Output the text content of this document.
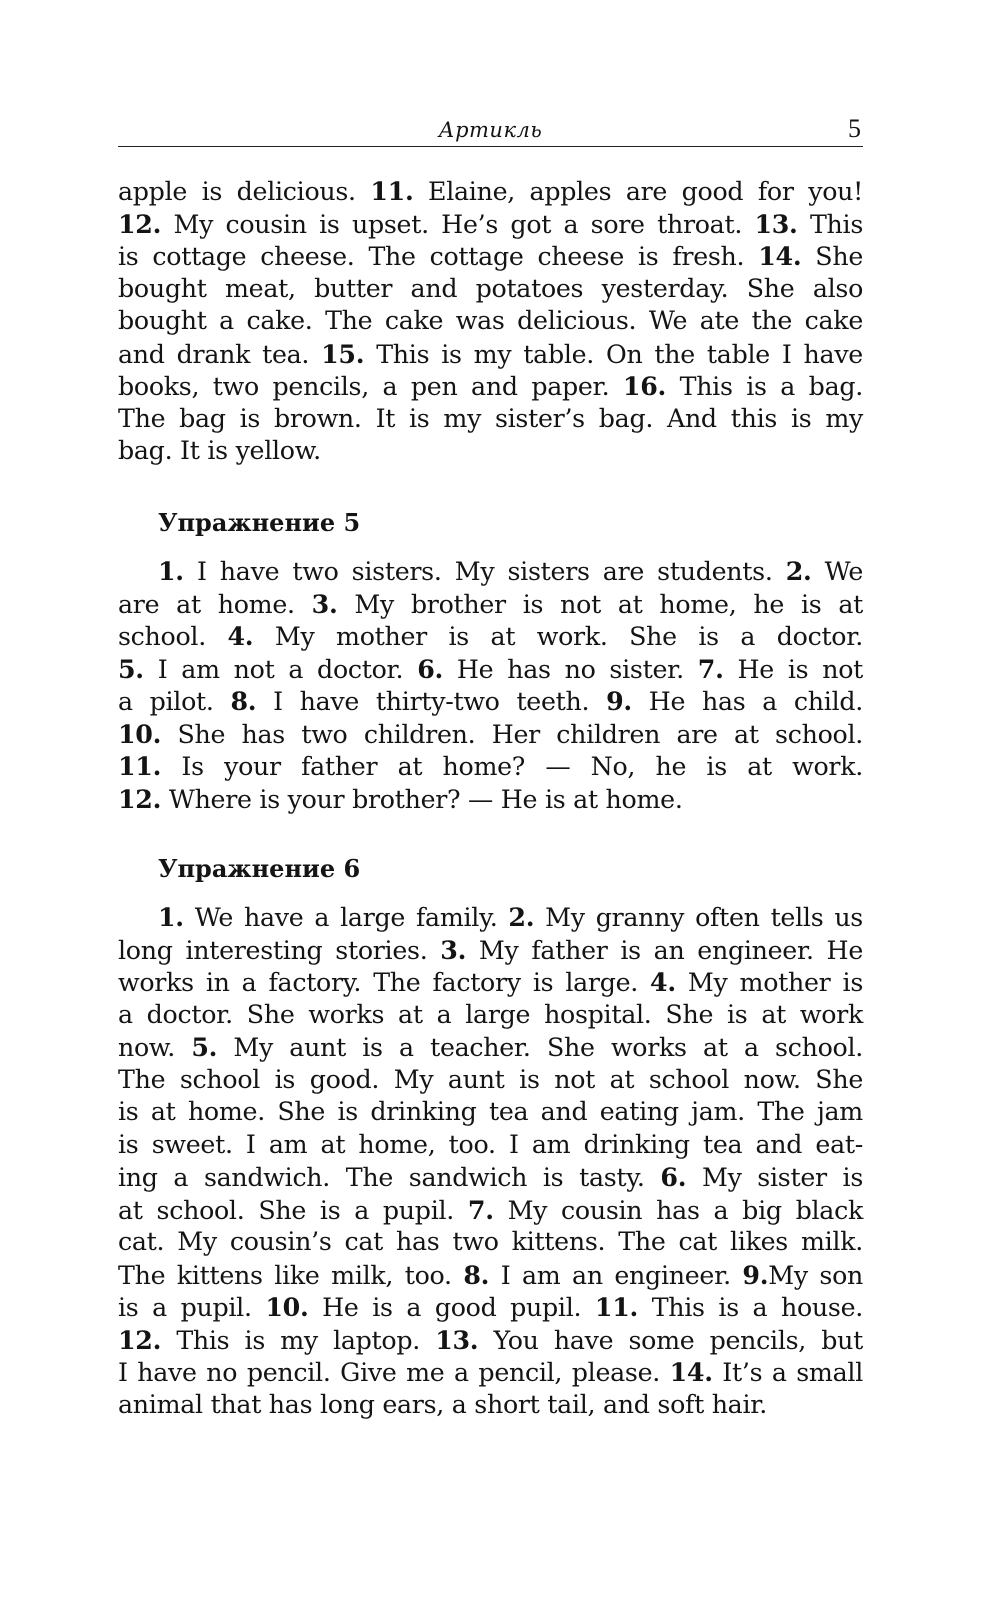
Артикль	5
apple is delicious. 11. Elaine, apples are good for you!
12. My cousin is upset. He’s got a sore throat. 13. This
is cottage cheese. The cottage cheese is fresh. 14. She
bought meat, butter and potatoes yesterday. She also
bought a cake. The cake was delicious. We ate the cake
and drank tea. 15. This is my table. On the table I have
books, two pencils, a pen and paper. 16. This is a bag.
The bag is brown. It is my sister’s bag. And this is my
bag. It is yellow.
Упражнение 5
1. I have two sisters. My sisters are students. 2. We
are at home. 3. My brother is not at home, he is at
school. 4. My mother is at work. She is a doctor.
5. I am not a doctor. 6. He has no sister. 7. He is not
a pilot. 8. I have thirty-two teeth. 9. He has a child.
10. She has two children. Her children are at school.
11. Is your father at home? — No, he is at work.
12. Where is your brother? — He is at home.
Упражнение 6
1. We have a large family. 2. My granny often tells us
long interesting stories. 3. My father is an engineer. He
works in a factory. The factory is large. 4. My mother is
a doctor. She works at a large hospital. She is at work
now. 5. My aunt is a teacher. She works at a school.
The school is good. My aunt is not at school now. She
is at home. She is drinking tea and eating jam. The jam
is sweet. I am at home, too. I am drinking tea and eat-
ing a sandwich. The sandwich is tasty. 6. My sister is
at school. She is a pupil. 7. My cousin has a big black
cat. My cousin’s cat has two kittens. The cat likes milk.
The kittens like milk, too. 8. I am an engineer. 9.My son
is a pupil. 10. He is a good pupil. 11. This is a house.
12. This is my laptop. 13. You have some pencils, but
I have no pencil. Give me a pencil, please. 14. It’s a small
animal that has long ears, a short tail, and soft hair.
